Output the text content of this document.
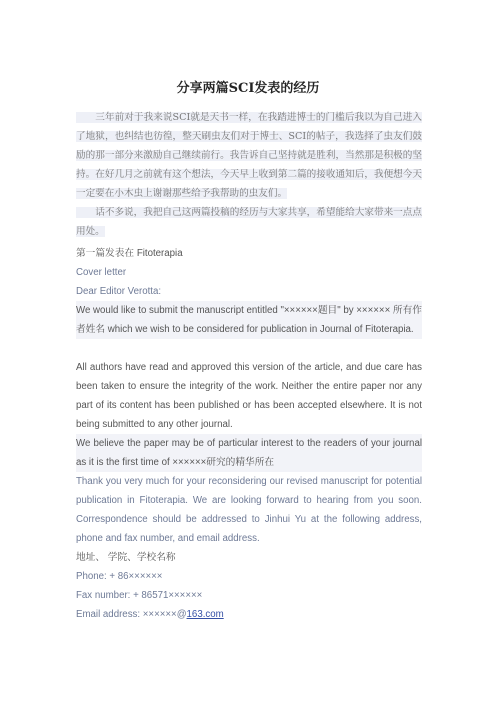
分享两篇SCI发表的经历
　　三年前对于我来说SCI就是天书一样，在我踏进博士的门槛后我以为自己进入了地狱，也纠结也彷徨，整天刷虫友们对于博士、SCI的帖子，我选择了虫友们鼓励的那一部分来激励自己继续前行。我告诉自己坚持就是胜利，当然那是积极的坚持。在好几月之前就有这个想法，今天早上收到第二篇的接收通知后，我便想今天一定要在小木虫上谢谢那些给予我帮助的虫友们。
　　话不多说，我把自己这两篇投稿的经历与大家共享，希望能给大家带来一点点用处。
第一篇发表在 Fitoterapia
Cover letter
Dear Editor Verotta:
We would like to submit the manuscript entitled "××××××题目" by ×××××× 所有作者姓名 which we wish to be considered for publication in Journal of Fitoterapia.
All authors have read and approved this version of the article, and due care has been taken to ensure the integrity of the work. Neither the entire paper nor any part of its content has been published or has been accepted elsewhere. It is not being submitted to any other journal.
We believe the paper may be of particular interest to the readers of your journal as it is the first time of ××××××研究的精华所在
Thank you very much for your reconsidering our revised manuscript for potential publication in Fitoterapia. We are looking forward to hearing from you soon. Correspondence should be addressed to Jinhui Yu at the following address, phone and fax number, and email address.
地址、 学院、学校名称
Phone: + 86××××××
Fax number: + 86571××××××
Email address: ××××××@163.com
